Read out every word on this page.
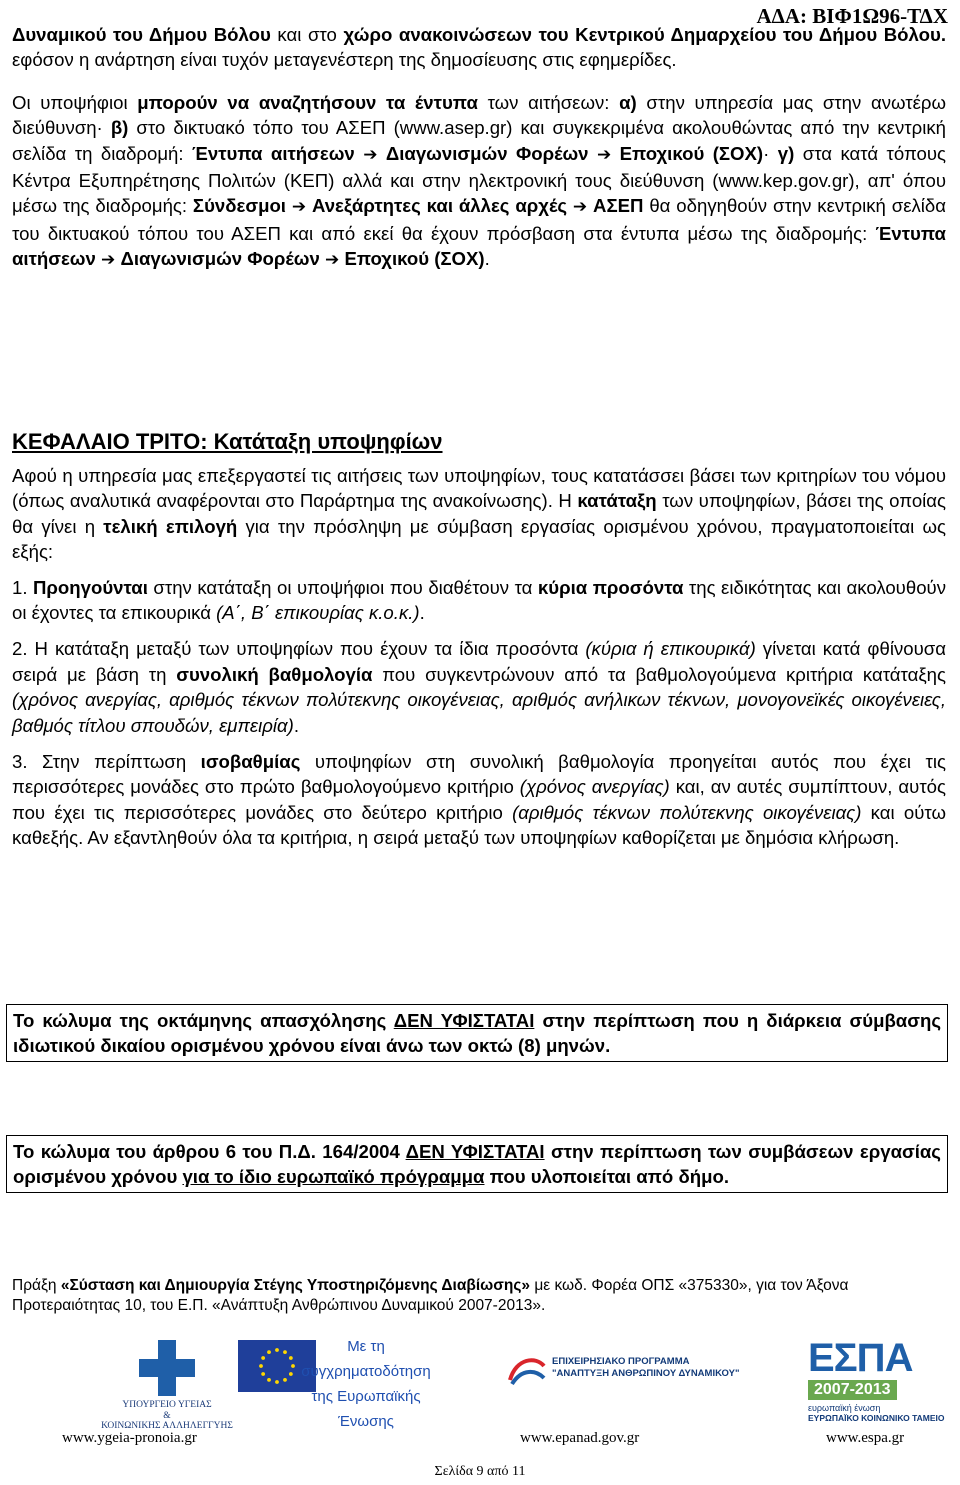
ΑΔΑ: ΒΙΦ1Ω96-ΤΔΧ

Δυναμικού του Δήμου Βόλου και στο χώρο ανακοινώσεων του Κεντρικού Δημαρχείου του Δήμου Βόλου. εφόσον η ανάρτηση είναι τυχόν μεταγενέστερη της δημοσίευσης στις εφημερίδες.

Οι υποψήφιοι μπορούν να αναζητήσουν τα έντυπα των αιτήσεων: α) στην υπηρεσία μας στην ανωτέρω διεύθυνση· β) στο δικτυακό τόπο του ΑΣΕΠ (www.asep.gr) και συγκεκριμένα ακολουθώντας από την κεντρική σελίδα τη διαδρομή: Έντυπα αιτήσεων ➔ Διαγωνισμών Φορέων ➔ Εποχικού (ΣΟΧ)· γ) στα κατά τόπους Κέντρα Εξυπηρέτησης Πολιτών (ΚΕΠ) αλλά και στην ηλεκτρονική τους διεύθυνση (www.kep.gov.gr), απ' όπου μέσω της διαδρομής: Σύνδεσμοι ➔ Ανεξάρτητες και άλλες αρχές ➔ ΑΣΕΠ θα οδηγηθούν στην κεντρική σελίδα του δικτυακού τόπου του ΑΣΕΠ και από εκεί θα έχουν πρόσβαση στα έντυπα μέσω της διαδρομής: Έντυπα αιτήσεων ➔ Διαγωνισμών Φορέων ➔ Εποχικού (ΣΟΧ).

ΚΕΦΑΛΑΙΟ ΤΡΙΤΟ: Κατάταξη υποψηφίων

Αφού η υπηρεσία μας επεξεργαστεί τις αιτήσεις των υποψηφίων, τους κατατάσσει βάσει των κριτηρίων του νόμου (όπως αναλυτικά αναφέρονται στο Παράρτημα της ανακοίνωσης). Η κατάταξη των υποψηφίων, βάσει της οποίας θα γίνει η τελική επιλογή για την πρόσληψη με σύμβαση εργασίας ορισμένου χρόνου, πραγματοποιείται ως εξής:

1. Προηγούνται στην κατάταξη οι υποψήφιοι που διαθέτουν τα κύρια προσόντα της ειδικότητας και ακολουθούν οι έχοντες τα επικουρικά (Α΄, Β΄ επικουρίας κ.ο.κ.).

2. Η κατάταξη μεταξύ των υποψηφίων που έχουν τα ίδια προσόντα (κύρια ή επικουρικά) γίνεται κατά φθίνουσα σειρά με βάση τη συνολική βαθμολογία που συγκεντρώνουν από τα βαθμολογούμενα κριτήρια κατάταξης (χρόνος ανεργίας, αριθμός τέκνων πολύτεκνης οικογένειας, αριθμός ανήλικων τέκνων, μονογονεϊκές οικογένειες, βαθμός τίτλου σπουδών, εμπειρία).

3. Στην περίπτωση ισοβαθμίας υποψηφίων στη συνολική βαθμολογία προηγείται αυτός που έχει τις περισσότερες μονάδες στο πρώτο βαθμολογούμενο κριτήριο (χρόνος ανεργίας) και, αν αυτές συμπίπτουν, αυτός που έχει τις περισσότερες μονάδες στο δεύτερο κριτήριο (αριθμός τέκνων πολύτεκνης οικογένειας) και ούτω καθεξής. Αν εξαντληθούν όλα τα κριτήρια, η σειρά μεταξύ των υποψηφίων καθορίζεται με δημόσια κλήρωση.

Το κώλυμα της οκτάμηνης απασχόλησης ΔΕΝ ΥΦΙΣΤΑΤΑΙ στην περίπτωση που η διάρκεια σύμβασης ιδιωτικού δικαίου ορισμένου χρόνου είναι άνω των οκτώ (8) μηνών.
Το κώλυμα του άρθρου 6 του Π.Δ. 164/2004 ΔΕΝ ΥΦΙΣΤΑΤΑΙ στην περίπτωση των συμβάσεων εργασίας ορισμένου χρόνου για το ίδιο ευρωπαϊκό πρόγραμμα που υλοποιείται από δήμο.
Πράξη «Σύσταση και Δημιουργία Στέγης Υποστηριζόμενης Διαβίωσης» με κωδ. Φορέα ΟΠΣ «375330», για τον Άξονα Προτεραιότητας 10, του Ε.Π. «Ανάπτυξη Ανθρώπινου Δυναμικού 2007-2013».
ΥΠΟΥΡΓΕΙΟ ΥΓΕΙΑΣ
&
ΚΟΙΝΩΝΙΚΗΣ ΑΛΛΗΛΕΓΓΥΗΣ
www.ygeia-pronoia.gr
Με τη
συγχρηματοδότηση
της Ευρωπαϊκής
Ένωσης
ΕΠΙΧΕΙΡΗΣΙΑΚΟ ΠΡΟΓΡΑΜΜΑ
"ΑΝΑΠΤΥΞΗ ΑΝΘΡΩΠΙΝΟΥ ΔΥΝΑΜΙΚΟΥ"
www.epanad.gov.gr
ΕΣΠΑ
2007-2013
ευρωπαϊκή ένωση
ΕΥΡΩΠΑΪΚΟ ΚΟΙΝΩΝΙΚΟ ΤΑΜΕΙΟ
www.espa.gr
Σελίδα 9 από 11
